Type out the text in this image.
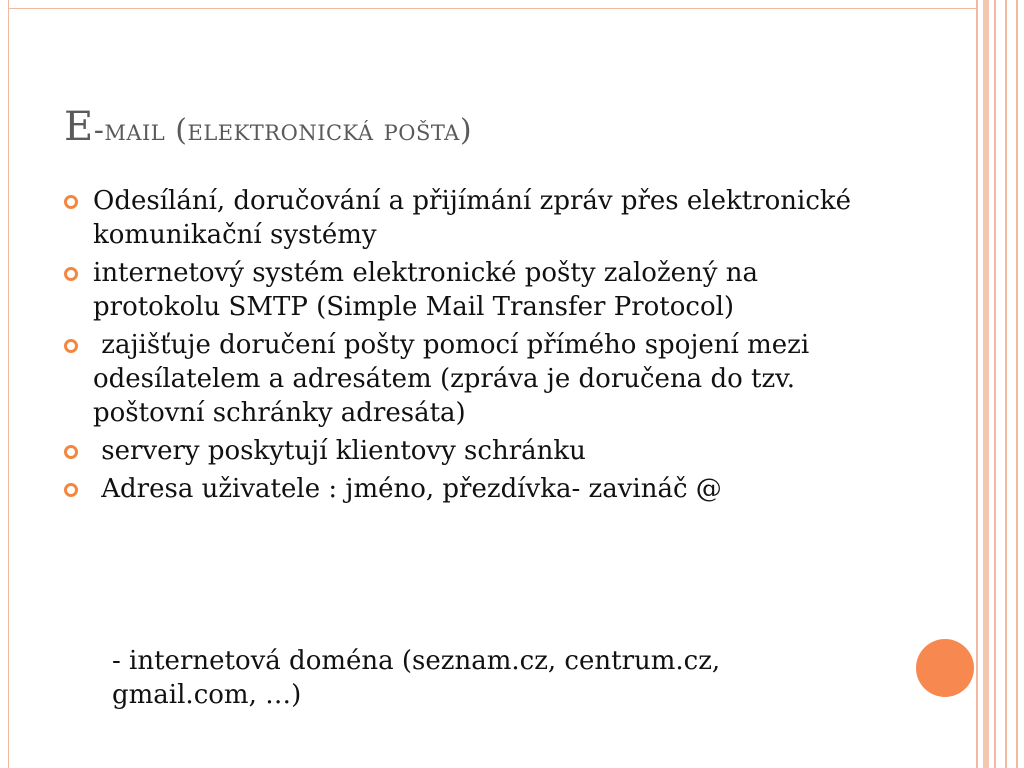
E-mail (elektronická pošta)
Odesílání, doručování a přijímání zpráv přes elektronické komunikační systémy
internetový systém elektronické pošty založený na protokolu SMTP (Simple Mail Transfer Protocol)
zajišťuje doručení pošty pomocí přímého spojení mezi odesílatelem a adresátem (zpráva je doručena do tzv. poštovní schránky adresáta)
servery poskytují klientovy schránku
Adresa uživatele : jméno, přezdívka- zavináč @
- internetová doména (seznam.cz, centrum.cz, gmail.com, …)
